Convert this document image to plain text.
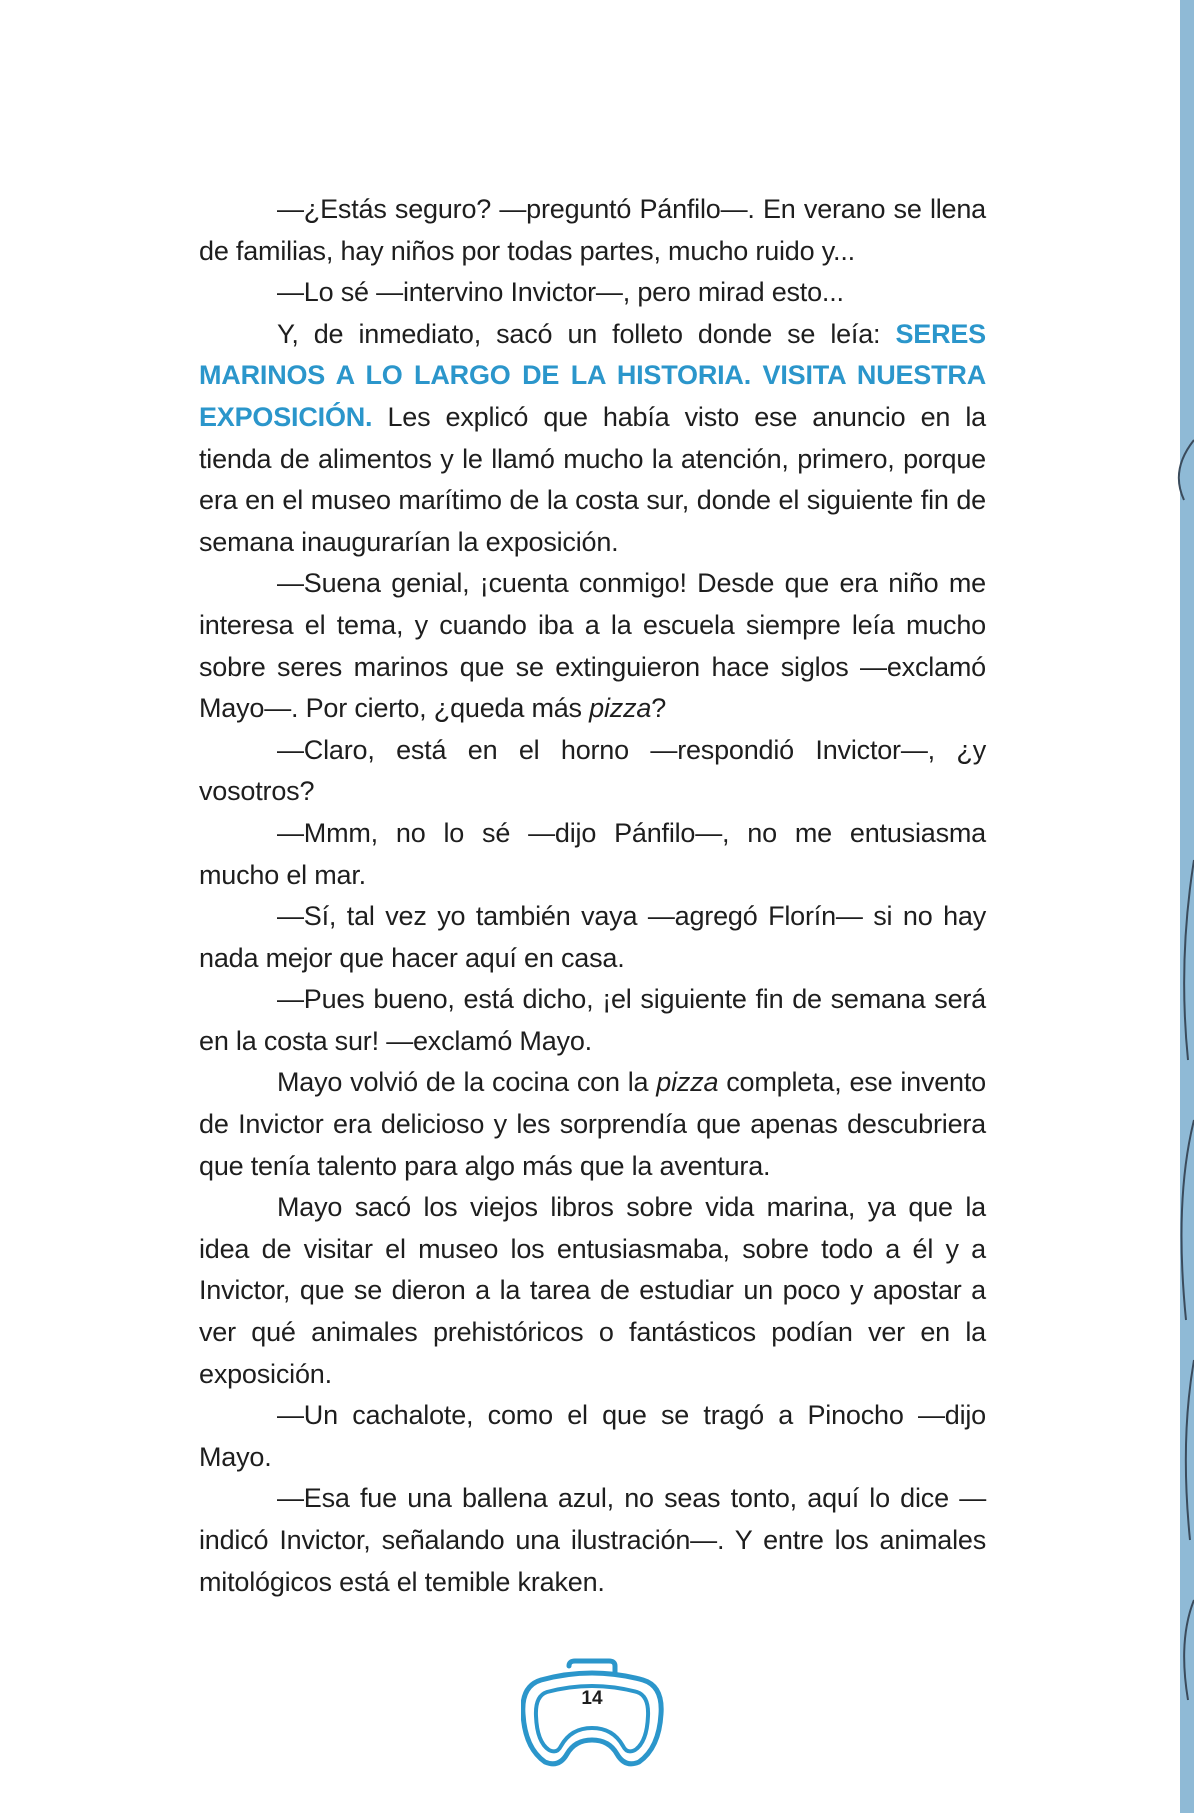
—¿Estás seguro? —preguntó Pánfilo—. En verano se llena de familias, hay niños por todas partes, mucho ruido y...

—Lo sé —intervino Invictor—, pero mirad esto...

Y, de inmediato, sacó un folleto donde se leía: SERES MARINOS A LO LARGO DE LA HISTORIA. VISITA NUESTRA EXPOSICIÓN. Les explicó que había visto ese anuncio en la tienda de alimentos y le llamó mucho la atención, primero, porque era en el museo marítimo de la costa sur, donde el siguiente fin de semana inaugurarían la exposición.

—Suena genial, ¡cuenta conmigo! Desde que era niño me interesa el tema, y cuando iba a la escuela siempre leía mucho sobre seres marinos que se extinguieron hace siglos —exclamó Mayo—. Por cierto, ¿queda más pizza?

—Claro, está en el horno —respondió Invictor—, ¿y vosotros?

—Mmm, no lo sé —dijo Pánfilo—, no me entusiasma mucho el mar.

—Sí, tal vez yo también vaya —agregó Florín— si no hay nada mejor que hacer aquí en casa.

—Pues bueno, está dicho, ¡el siguiente fin de semana será en la costa sur! —exclamó Mayo.

Mayo volvió de la cocina con la pizza completa, ese invento de Invictor era delicioso y les sorprendía que apenas descubriera que tenía talento para algo más que la aventura.

Mayo sacó los viejos libros sobre vida marina, ya que la idea de visitar el museo los entusiasmaba, sobre todo a él y a Invictor, que se dieron a la tarea de estudiar un poco y apostar a ver qué animales prehistóricos o fantásticos podían ver en la exposición.

—Un cachalote, como el que se tragó a Pinocho —dijo Mayo.

—Esa fue una ballena azul, no seas tonto, aquí lo dice —indicó Invictor, señalando una ilustración—. Y entre los animales mitológicos está el temible kraken.

14
